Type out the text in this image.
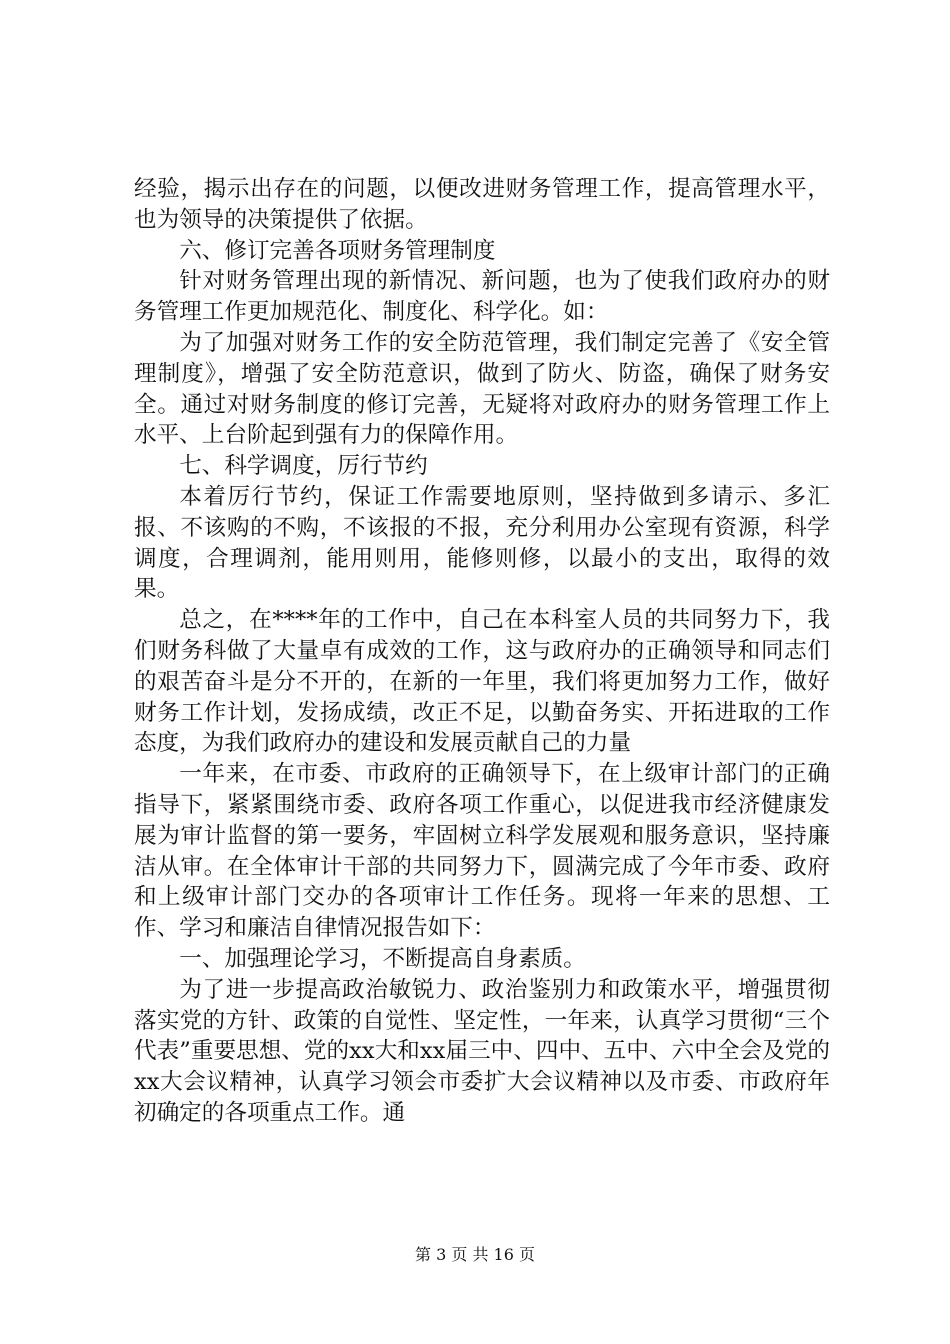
经验，揭示出存在的问题，以便改进财务管理工作，提高管理水平，也为领导的决策提供了依据。

六、修订完善各项财务管理制度

针对财务管理出现的新情况、新问题，也为了使我们政府办的财务管理工作更加规范化、制度化、科学化。如：

为了加强对财务工作的安全防范管理，我们制定完善了《安全管理制度》，增强了安全防范意识，做到了防火、防盗，确保了财务安全。通过对财务制度的修订完善，无疑将对政府办的财务管理工作上水平、上台阶起到强有力的保障作用。

七、科学调度，厉行节约

本着厉行节约，保证工作需要地原则，坚持做到多请示、多汇报、不该购的不购，不该报的不报，充分利用办公室现有资源，科学调度，合理调剂，能用则用，能修则修，以最小的支出，取得的效果。

总之，在****年的工作中，自己在本科室人员的共同努力下，我们财务科做了大量卓有成效的工作，这与政府办的正确领导和同志们的艰苦奋斗是分不开的，在新的一年里，我们将更加努力工作，做好财务工作计划，发扬成绩，改正不足，以勤奋务实、开拓进取的工作态度，为我们政府办的建设和发展贡献自己的力量

一年来，在市委、市政府的正确领导下，在上级审计部门的正确指导下，紧紧围绕市委、政府各项工作重心，以促进我市经济健康发展为审计监督的第一要务，牢固树立科学发展观和服务意识，坚持廉洁从审。在全体审计干部的共同努力下，圆满完成了今年市委、政府和上级审计部门交办的各项审计工作任务。现将一年来的思想、工作、学习和廉洁自律情况报告如下：

一、加强理论学习，不断提高自身素质。

为了进一步提高政治敏锐力、政治鉴别力和政策水平，增强贯彻落实党的方针、政策的自觉性、坚定性，一年来，认真学习贯彻“三个代表”重要思想、党的xx大和xx届三中、四中、五中、六中全会及党的xx大会议精神，认真学习领会市委扩大会议精神以及市委、市政府年初确定的各项重点工作。通

第 3 页 共 16 页
